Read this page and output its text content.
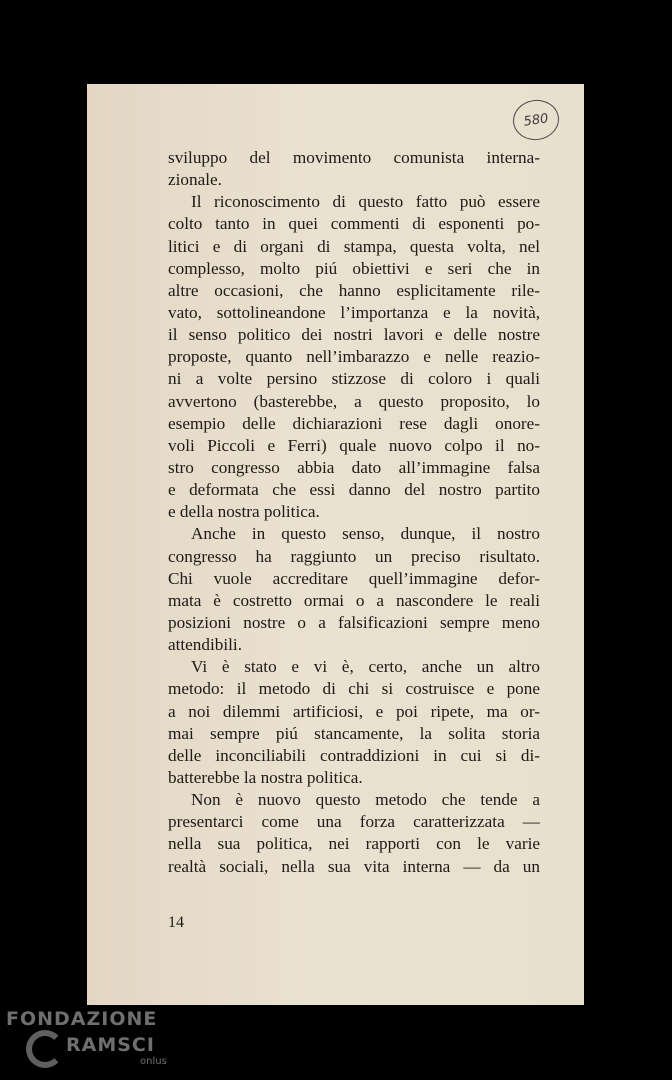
580
sviluppo del movimento comunista interna-
zionale.
Il riconoscimento di questo fatto può essere
colto tanto in quei commenti di esponenti po-
litici e di organi di stampa, questa volta, nel
complesso, molto piú obiettivi e seri che in
altre occasioni, che hanno esplicitamente rile-
vato, sottolineandone l’importanza e la novità,
il senso politico dei nostri lavori e delle nostre
proposte, quanto nell’imbarazzo e nelle reazio-
ni a volte persino stizzose di coloro i quali
avvertono (basterebbe, a questo proposito, lo
esempio delle dichiarazioni rese dagli onore-
voli Piccoli e Ferri) quale nuovo colpo il no-
stro congresso abbia dato all’immagine falsa
e deformata che essi danno del nostro partito
e della nostra politica.
Anche in questo senso, dunque, il nostro
congresso ha raggiunto un preciso risultato.
Chi vuole accreditare quell’immagine defor-
mata è costretto ormai o a nascondere le reali
posizioni nostre o a falsificazioni sempre meno
attendibili.
Vi è stato e vi è, certo, anche un altro
metodo: il metodo di chi si costruisce e pone
a noi dilemmi artificiosi, e poi ripete, ma or-
mai sempre piú stancamente, la solita storia
delle inconciliabili contraddizioni in cui si di-
batterebbe la nostra politica.
Non è nuovo questo metodo che tende a
presentarci come una forza caratterizzata —
nella sua politica, nei rapporti con le varie
realtà sociali, nella sua vita interna — da un
14
FONDAZIONE
RAMSCI
onlus
